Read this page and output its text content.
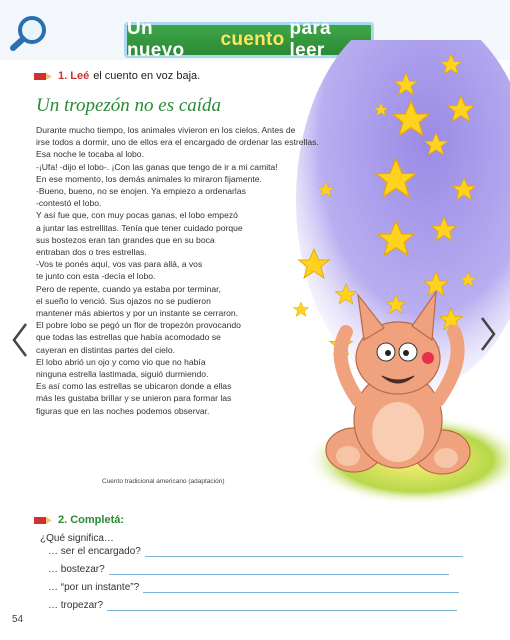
Un nuevo
cuento
para leer
1. Leé el cuento en voz baja.
Un tropezón no es caída

Durante mucho tiempo, los animales vivieron en los cielos. Antes de

irse todos a dormir, uno de ellos era el encargado de ordenar las estrellas.

Esa noche le tocaba al lobo.

-¡Ufa! -dijo el lobo-. ¡Con las ganas que tengo de ir a mi camita!

En ese momento, los demás animales lo miraron fijamente.

-Bueno, bueno, no se enojen. Ya empiezo a ordenarlas

-contestó el lobo.

Y así fue que, con muy pocas ganas, el lobo empezó

a juntar las estrellitas. Tenía que tener cuidado porque

sus bostezos eran tan grandes que en su boca

entraban dos o tres estrellas.

-Vos te ponés aquí, vos vas para allá, a vos

te junto con esta -decía el lobo.

Pero de repente, cuando ya estaba por terminar,

el sueño lo venció. Sus ojazos no se pudieron

mantener más abiertos y por un instante se cerraron.

El pobre lobo se pegó un flor de tropezón provocando

que todas las estrellas que había acomodado se

cayeran en distintas partes del cielo.

El lobo abrió un ojo y como vio que no había

ninguna estrella lastimada, siguió durmiendo.

Es así como las estrellas se ubicaron donde a ellas

más les gustaba brillar y se unieron para formar las

figuras que en las noches podemos observar.

Cuento tradicional americano (adaptación)
2. Completá:
¿Qué significa…
… ser el encargado?
… bostezar?
… “por un instante”?
… tropezar?
54
